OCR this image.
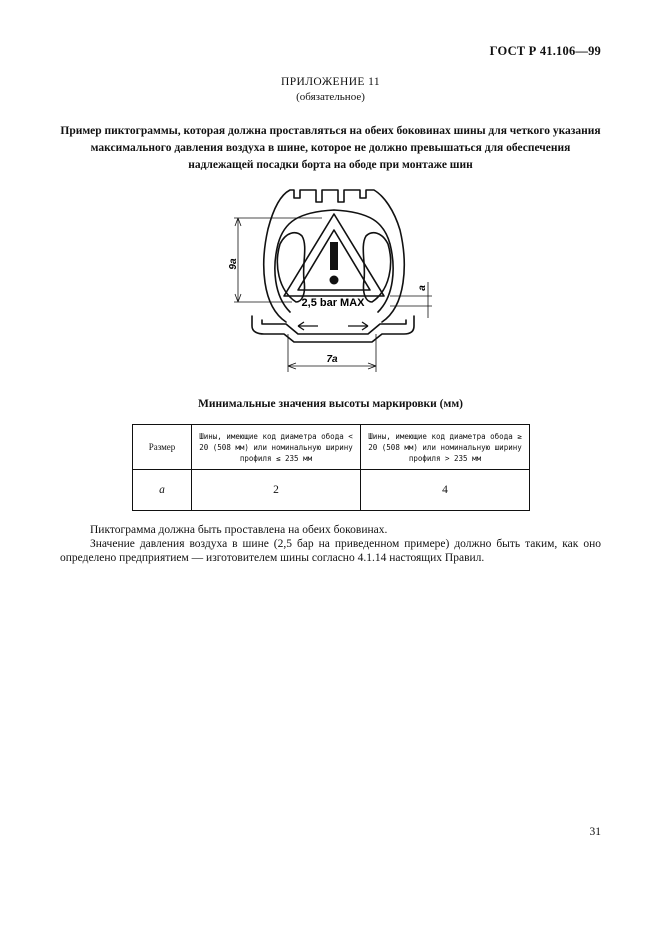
ГОСТ Р 41.106—99
ПРИЛОЖЕНИЕ 11
(обязательное)
Пример пиктограммы, которая должна проставляться на обеих боковинах шины для четкого указания максимального давления воздуха в шине, которое не должно превышаться для обеспечения надлежащей посадки борта на ободе при монтаже шин
2,5 bar MAX
9a
7a
a
Минимальные значения высоты маркировки (мм)
Размер	Шины, имеющие код диаметра обода < 20 (508 мм) или номинальную ширину профиля ≤ 235 мм	Шины, имеющие код диаметра обода ≥ 20 (508 мм) или номинальную ширину профиля > 235 мм
a	2	4

Пиктограмма должна быть проставлена на обеих боковинах.

Значение давления воздуха в шине (2,5 бар на приведенном примере) должно быть таким, как оно определено предприятием — изготовителем шины согласно 4.1.14 настоящих Правил.

31
